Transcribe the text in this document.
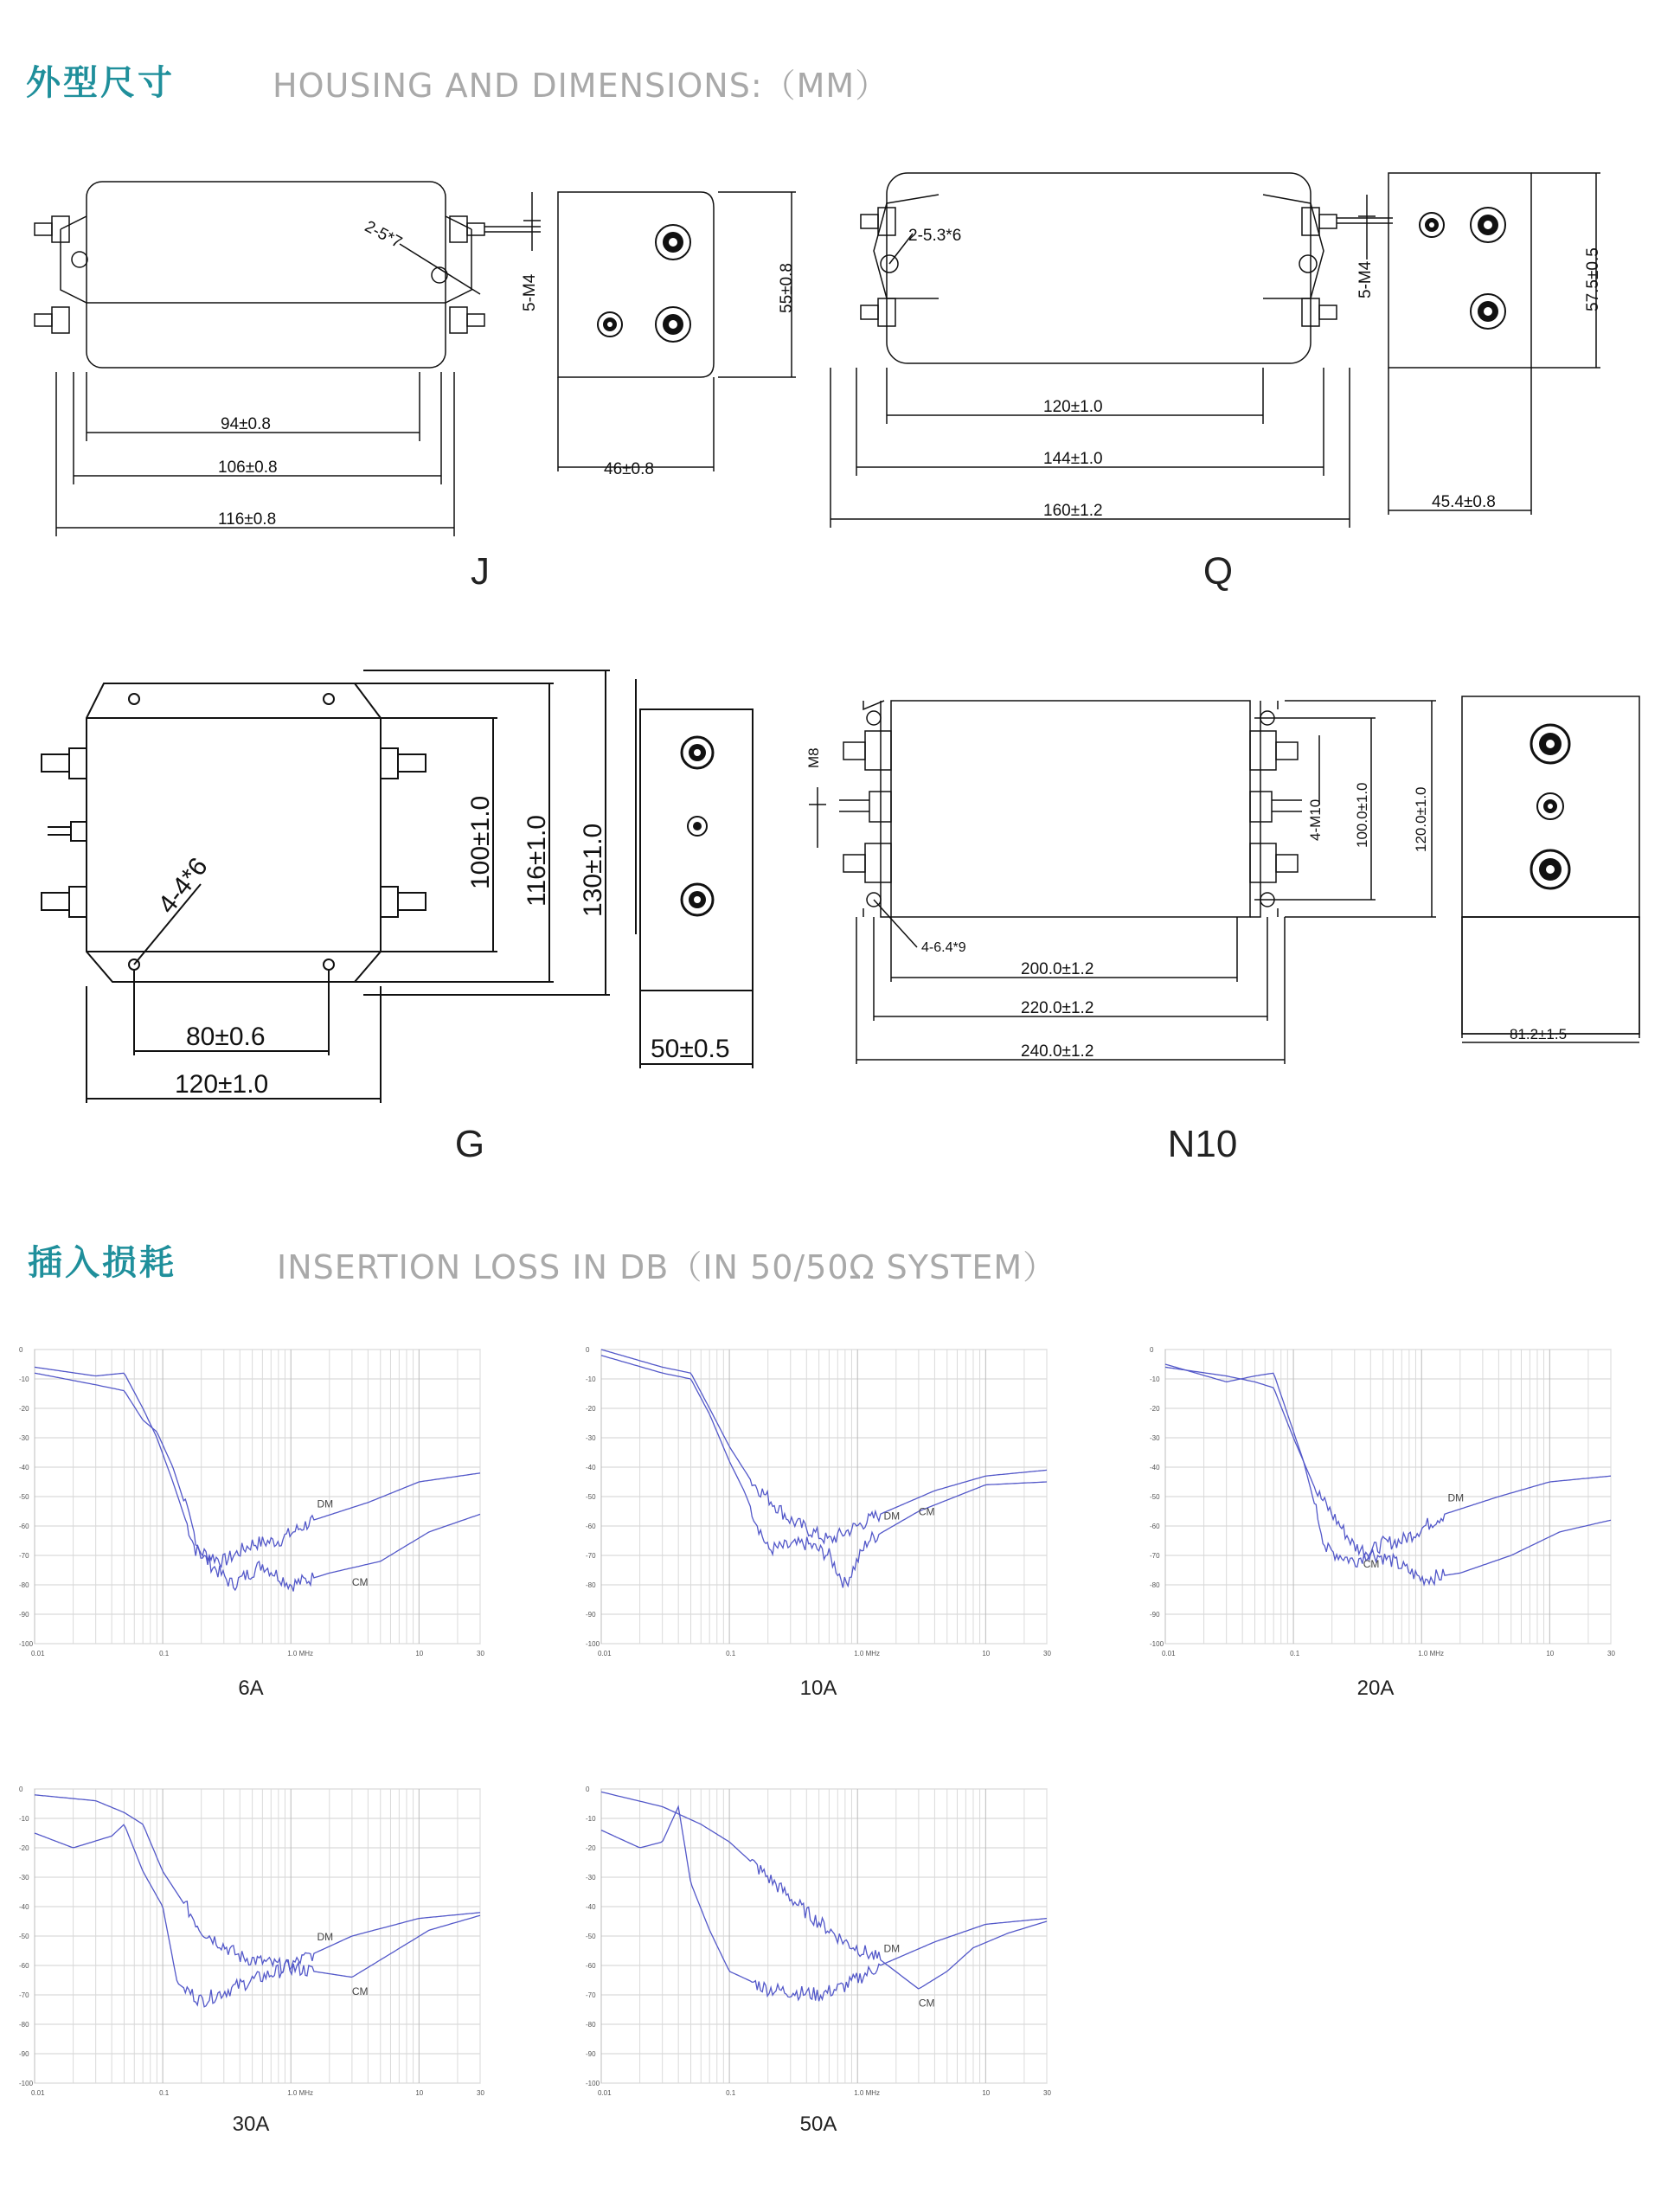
外型尺寸	HOUSING AND DIMENSIONS:（MM）
2-5*7
94±0.8
106±0.8
116±0.8
46±0.8
55±0.8
5-M4
J
2-5.3*6
120±1.0
144±1.0
160±1.2	45.4±0.8
57.5±0.5
5-M4
Q
4-4*6	100±1.0 116±1.0 130±1.0
80±0.6
120±1.0
50±0.5
G
4-6.4*9
200.0±1.2
220.0±1.2
240.0±1.2
81.2±1.5
100.0±1.0	120.0±1.0
4-M10
M8
N10
插入损耗	INSERTION LOSS IN DB（IN 50/50Ω SYSTEM）
0
-10
-20
-30
-40
-50
-60
-70
-80
-90
-100
0.01	0.1	1.0 MHz	10	30
DM
CM
0
-10
-20
-30
-40
-50
-60
-70
-80
-90
-100
0.01	0.1	1.0 MHz	10	30
DM CM
0
-10
-20
-30
-40
-50
-60
-70
-80
-90
-100
0.01	0.1	1.0 MHz	10	30
DM
CM
0
-10
-20
-30
-40
-50
-60
-70
-80
-90
-100
0.01	0.1	1.0 MHz	10	30
DM
CM
0
-10
-20
-30
-40
-50
-60
-70
-80
-90
-100
0.01	0.1	1.0 MHz	10	30
DM
CM
6A	10A	20A
30A	50A
